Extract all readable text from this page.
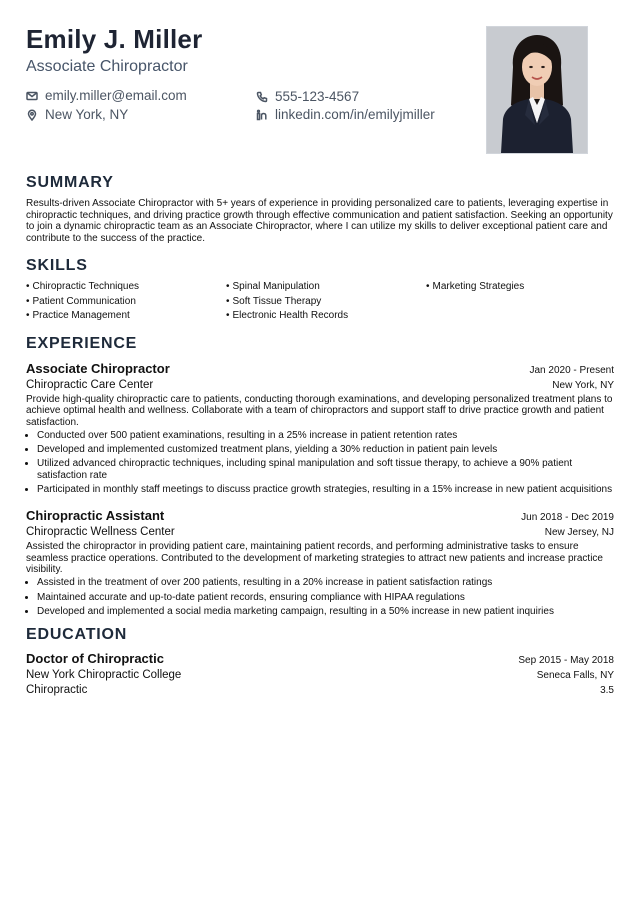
Emily J. Miller
Associate Chiropractor
emily.miller@email.com
New York, NY
555-123-4567
linkedin.com/in/emilyjmiller
SUMMARY
Results-driven Associate Chiropractor with 5+ years of experience in providing personalized care to patients, leveraging expertise in chiropractic techniques, and driving practice growth through effective communication and patient satisfaction. Seeking an opportunity to join a dynamic chiropractic team as an Associate Chiropractor, where I can utilize my skills to deliver exceptional patient care and contribute to the success of the practice.
SKILLS
• Chiropractic Techniques	• Spinal Manipulation	• Marketing Strategies
• Patient Communication	• Soft Tissue Therapy
• Practice Management	• Electronic Health Records
EXPERIENCE
Associate Chiropractor	Jan 2020 - Present
Chiropractic Care Center	New York, NY
Provide high-quality chiropractic care to patients, conducting thorough examinations, and developing personalized treatment plans to achieve optimal health and wellness. Collaborate with a team of chiropractors and support staff to drive practice growth and patient satisfaction.
• Conducted over 500 patient examinations, resulting in a 25% increase in patient retention rates
• Developed and implemented customized treatment plans, yielding a 30% reduction in patient pain levels
• Utilized advanced chiropractic techniques, including spinal manipulation and soft tissue therapy, to achieve a 90% patient satisfaction rate
• Participated in monthly staff meetings to discuss practice growth strategies, resulting in a 15% increase in new patient acquisitions
Chiropractic Assistant	Jun 2018 - Dec 2019
Chiropractic Wellness Center	New Jersey, NJ
Assisted the chiropractor in providing patient care, maintaining patient records, and performing administrative tasks to ensure seamless practice operations. Contributed to the development of marketing strategies to attract new patients and increase practice visibility.
• Assisted in the treatment of over 200 patients, resulting in a 20% increase in patient satisfaction ratings
• Maintained accurate and up-to-date patient records, ensuring compliance with HIPAA regulations
• Developed and implemented a social media marketing campaign, resulting in a 50% increase in new patient inquiries
EDUCATION
Doctor of Chiropractic	Sep 2015 - May 2018
New York Chiropractic College	Seneca Falls, NY
Chiropractic	3.5
